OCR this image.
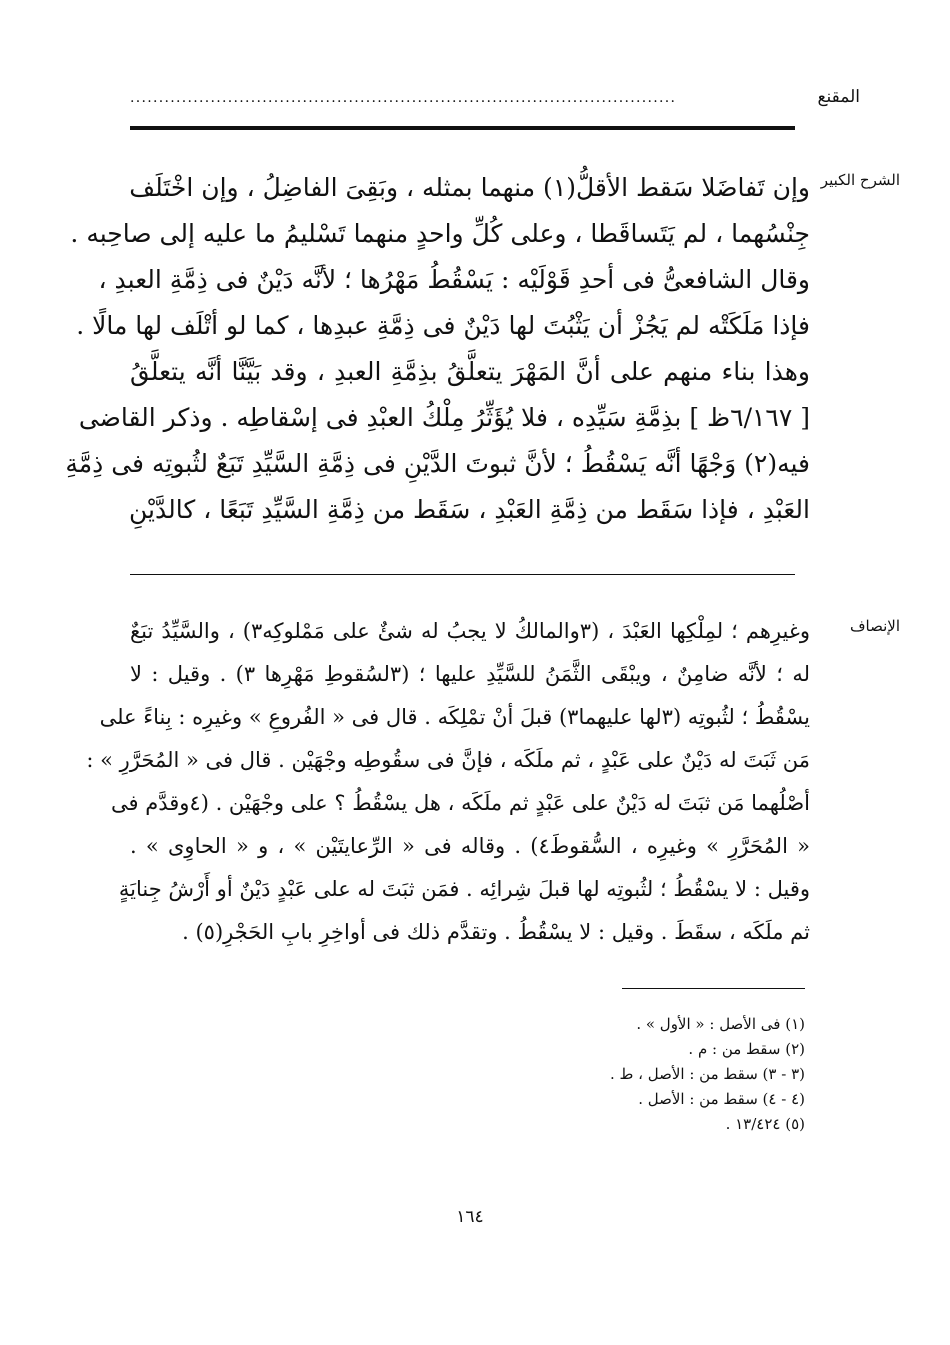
المقنع
...............................................................................................
الشرح الكبير
وإن تَفاضَلا سَقط الأقلُّ(١) منهما بمثله ، وبَقِىَ الفاضِلُ ، وإن اخْتَلَف
جِنْسُهما ، لم يَتَساقَطا ، وعلى كُلِّ واحدٍ منهما تَسْليمُ ما عليه إلى صاحِبه .
وقال الشافعىُّ فى أحدِ قَوْلَيْه : يَسْقُطُ مَهْرُها ؛ لأنَّه دَيْنٌ فى ذِمَّةِ العبدِ ،
فإذا مَلَكَتْه لم يَجُزْ أن يَثْبُتَ لها دَيْنٌ فى ذِمَّةِ عبدِها ، كما لو أتْلَف لها مالًا .
وهذا بناء منهم على أنَّ المَهْرَ يتعلَّقُ بذِمَّةِ العبدِ ، وقد بَيَّنَّا أنَّه يتعلَّقُ
[ ٦/١٦٧ظ ] بذِمَّةِ سَيِّدِه ، فلا يُؤَثِّرُ مِلْكُ العبْدِ فى إسْقاطِه . وذكر القاضى
فيه(٢) وَجْهًا أنَّه يَسْقُطُ ؛ لأنَّ ثبوتَ الدَّيْنِ فى ذِمَّةِ السَّيِّدِ تَبَعٌ لثُبوتِه فى ذِمَّةِ
العَبْدِ ، فإذا سَقَط من ذِمَّةِ العَبْدِ ، سَقَط من ذِمَّةِ السَّيِّدِ تَبَعًا ، كالدَّيْنِ
الإنصاف
وغيرِهم ؛ لمِلْكِها العَبْدَ ، (٣والمالكُ لا يجبُ له شئٌ على مَمْلوكِه٣) ، والسَّيِّدُ تبَعٌ
له ؛ لأنَّه ضامِنٌ ، ويبْقَى الثَّمَنُ للسَّيِّدِ عليها ؛ (٣لسُقوطِ مَهْرِها ٣) . وقيل : لا
يسْقُطُ ؛ لثُبوتِه (٣لها عليهما٣) قبلَ أنْ تمْلِكَه . قال فى « الفُروعِ » وغيرِه : بِناءً على
مَن ثَبَتَ له دَيْنٌ على عَبْدٍ ، ثم ملَكَه ، فإنَّ فى سقُوطِه وجْهَيْن . قال فى « المُحَرَّرِ » :
أصْلُهما مَن ثبَتَ له دَيْنٌ على عَبْدٍ ثم ملَكَه ، هل يسْقُطُ ؟ على وجْهَيْن . (٤وقدَّم فى
« المُحَرَّرِ » وغيرِه ، السُّقوطَ٤) . وقاله فى « الرِّعايتَيْن » ، و « الحاوِى » .
وقيل : لا يسْقُطُ ؛ لثُبوتِه لها قبلَ شِرائِه . فمَن ثبَتَ له على عَبْدٍ دَيْنٌ أو أَرْشُ جِنايَةٍ
ثم ملَكَه ، سقَطَ . وقيل : لا يسْقُطُ . وتقدَّم ذلك فى أواخِرِ بابِ الحَجْرِ(٥) .
(١) فى الأصل : « الأول » .
(٢) سقط من : م .
(٣ - ٣) سقط من : الأصل ، ط .
(٤ - ٤) سقط من : الأصل .
(٥) ١٣/٤٢٤ .
١٦٤
